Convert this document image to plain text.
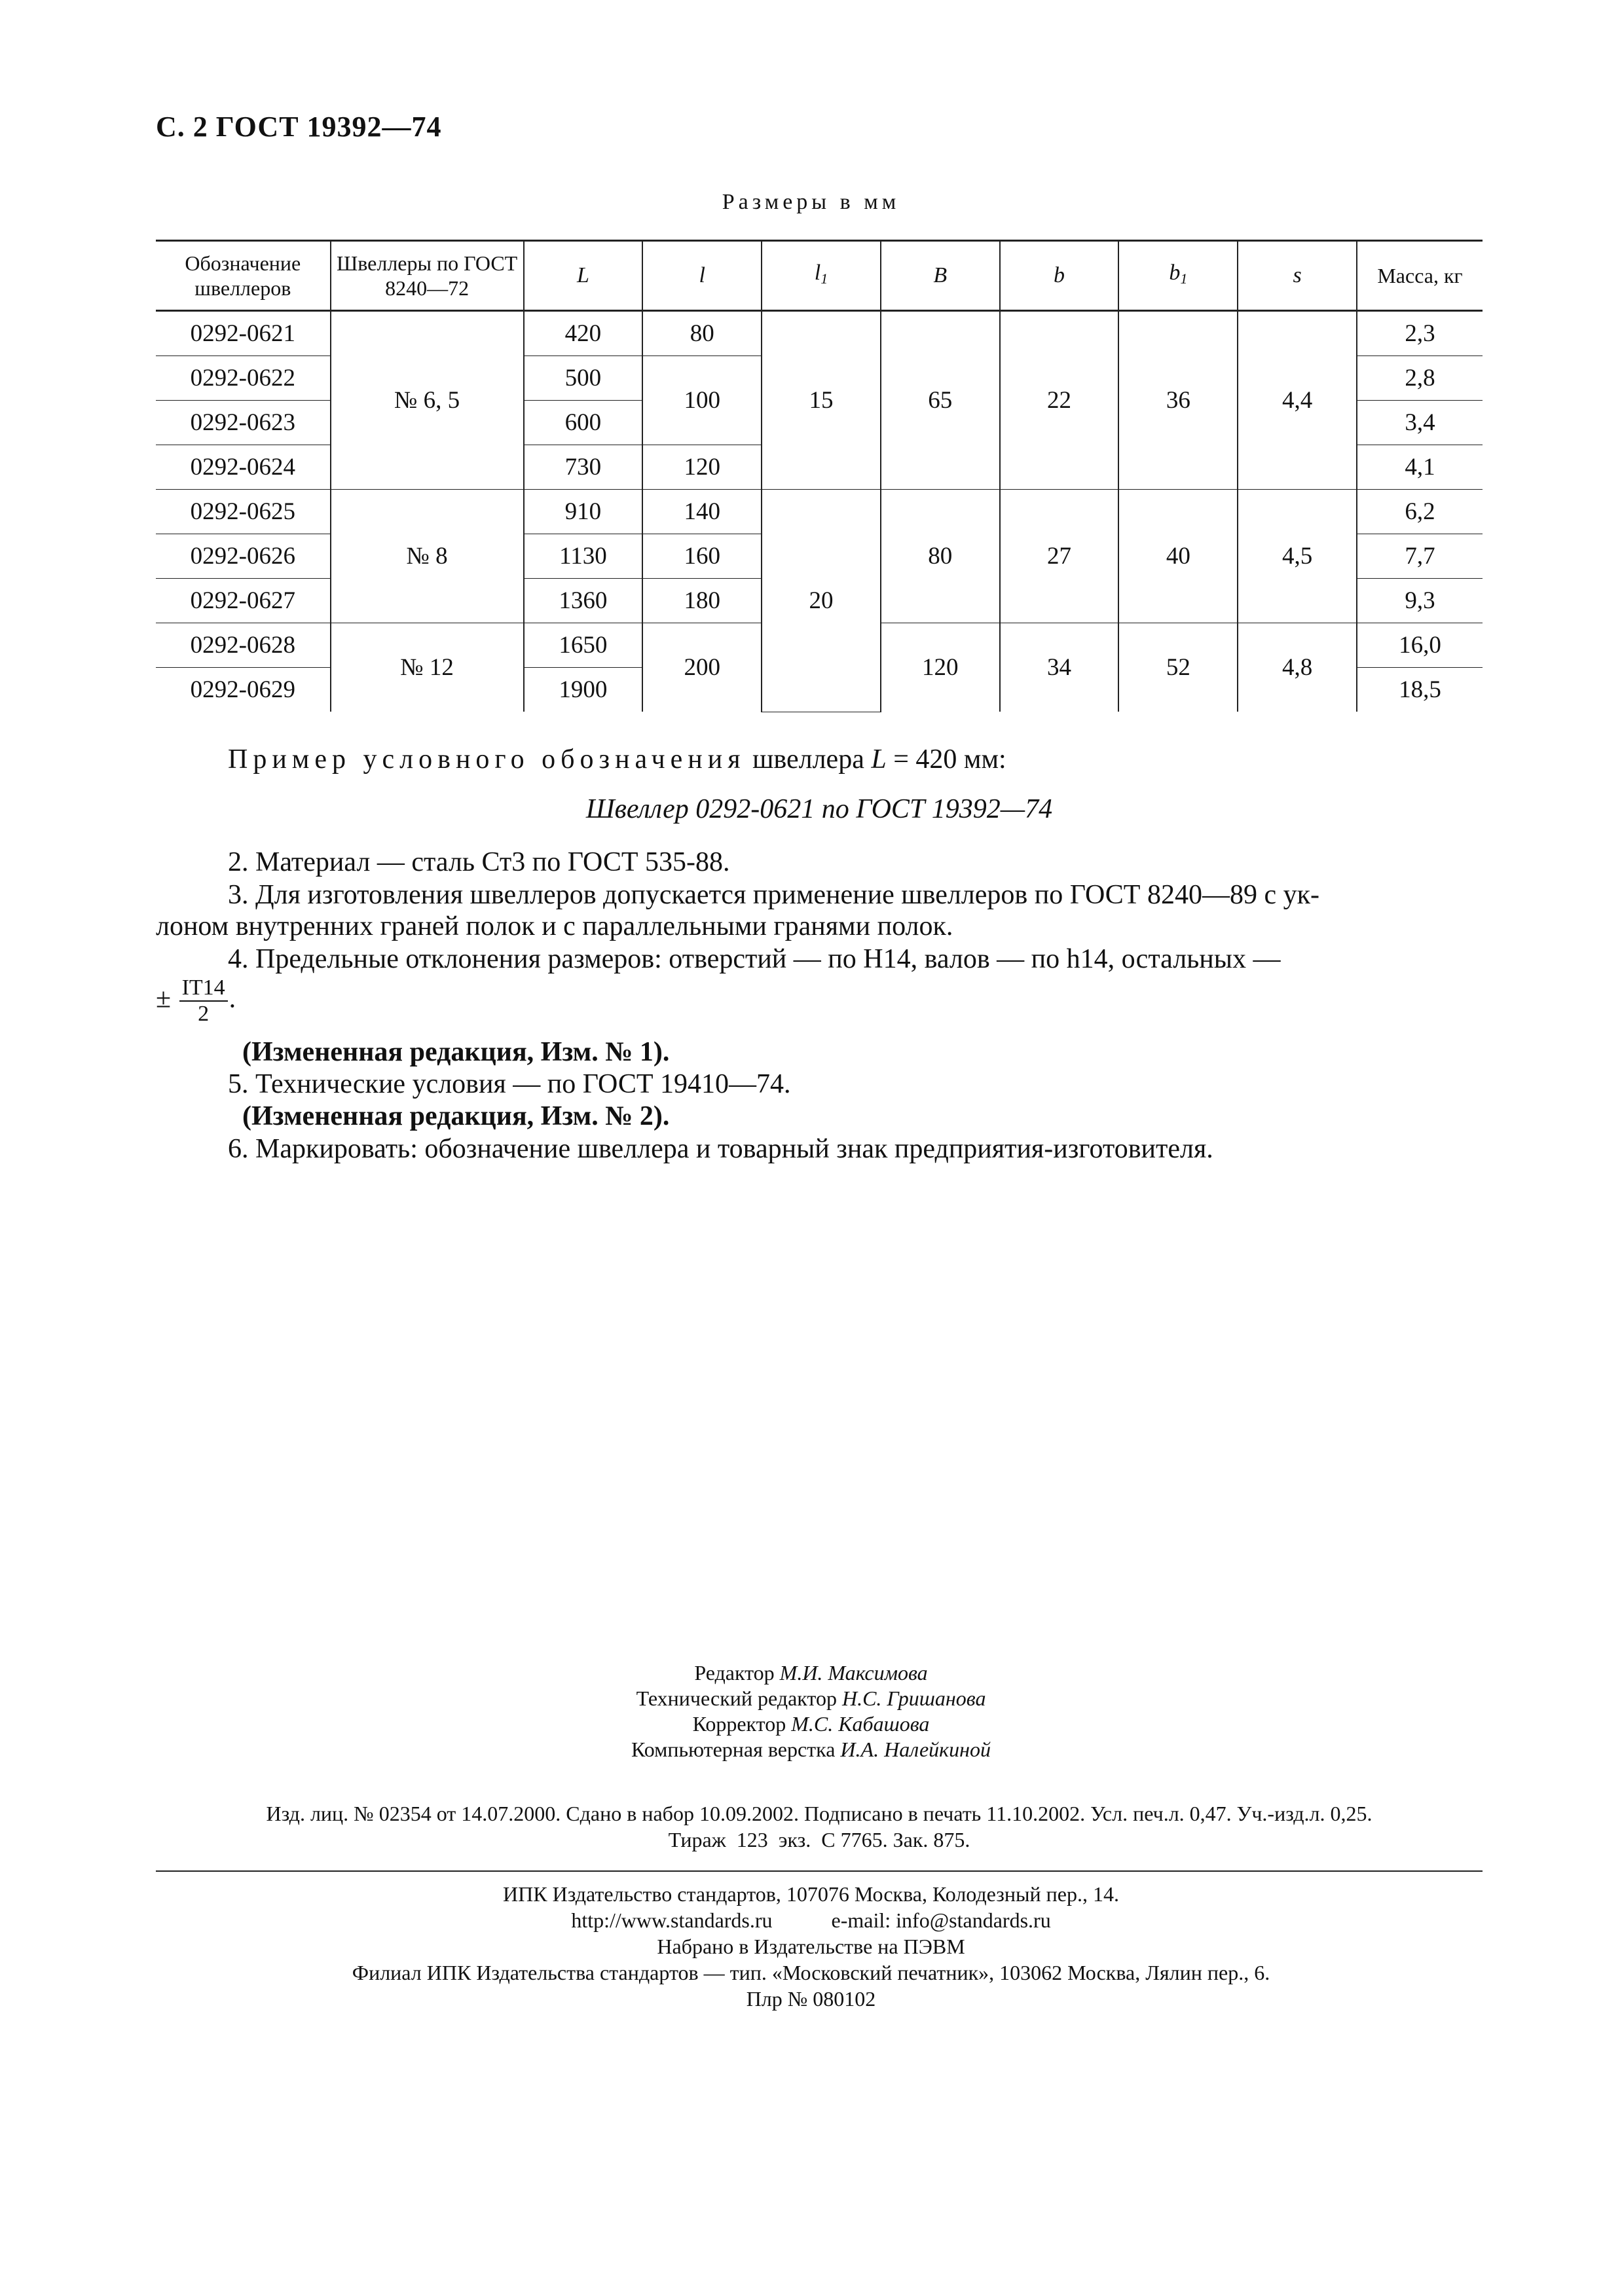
С. 2 ГОСТ 19392—74
Размеры в мм
Обозначение швеллеров	Швеллеры по ГОСТ 8240—72	L	l	$l_1$	B	b	$b_1$	s	Масса, кг
0292-0621	№ 6, 5	420	80	15	65	22	36	4,4	2,3
0292-0622		500	100						2,8
0292-0623		600							3,4
0292-0624		730	120						4,1
0292-0625	№ 8	910	140	20	80	27	40	4,5	6,2
0292-0626		1130	160						7,7
0292-0627		1360	180						9,3
0292-0628	№ 12	1650	200		120	34	52	4,8	16,0
0292-0629		1900							18,5
Пример условного обозначения швеллера L = 420 мм:
Швеллер 0292-0621 по ГОСТ 19392—74
2. Материал — сталь Ст3 по ГОСТ 535-88.
3. Для изготовления швеллеров допускается применение швеллеров по ГОСТ 8240—89 с ук-
лоном внутренних граней полок и с параллельными гранями полок.
4. Предельные отклонения размеров: отверстий — по H14, валов — по h14, остальных —
± $\frac{IT14}{2}$ .
(Измененная редакция, Изм. № 1).
5. Технические условия — по ГОСТ 19410—74.
(Измененная редакция, Изм. № 2).
6. Маркировать: обозначение швеллера и товарный знак предприятия-изготовителя.
Редактор М.И. Максимова
Технический редактор Н.С. Гришанова
Корректор М.С. Кабашова
Компьютерная верстка И.А. Налейкиной
Изд. лиц. № 02354 от 14.07.2000. Сдано в набор 10.09.2002. Подписано в печать 11.10.2002. Усл. печ.л. 0,47. Уч.-изд.л. 0,25.
Тираж  123  экз.  С 7765. Зак. 875.
ИПК Издательство стандартов, 107076 Москва, Колодезный пер., 14.
http://www.standards.ru	e-mail: info@standards.ru
Набрано в Издательстве на ПЭВМ
Филиал ИПК Издательства стандартов — тип. «Московский печатник», 103062 Москва, Лялин пер., 6.
Плр № 080102
